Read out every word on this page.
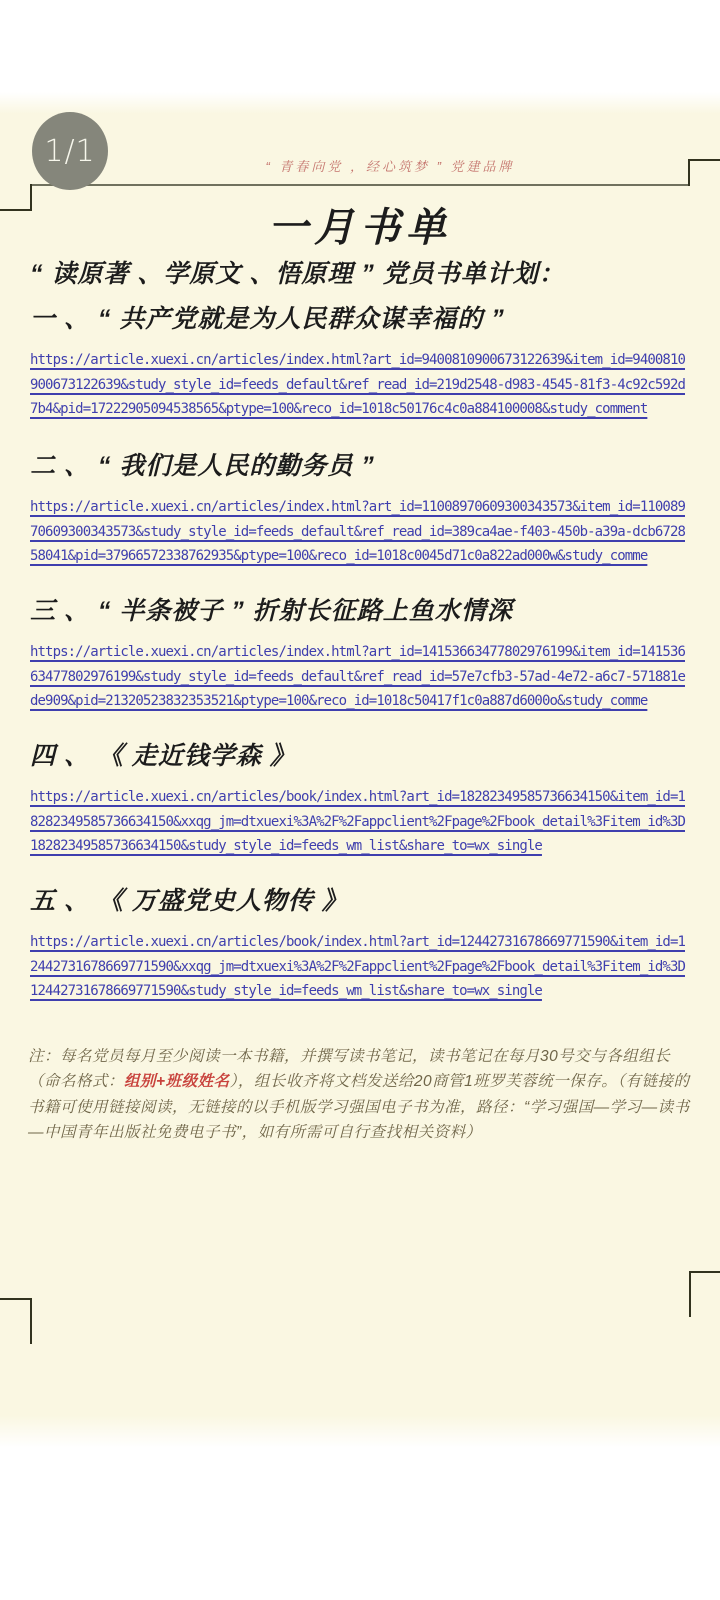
1/1	“ 青春向党 ，经心筑梦 ” 党建品牌
一月书单
“ 读原著 、学原文 、悟原理 ” 党员书单计划：
一 、 “ 共产党就是为人民群众谋幸福的 ”
https://article.xuexi.cn/articles/index.html?art_id=9400810900673122639&item_id=9400810900673122639&study_style_id=feeds_default&ref_read_id=219d2548-d983-4545-81f3-4c92c592d7b4&pid=17222905094538565&ptype=100&reco_id=1018c50176c4c0a884100008&study_comment
二 、 “ 我们是人民的勤务员 ”
https://article.xuexi.cn/articles/index.html?art_id=11008970609300343573&item_id=11008970609300343573&study_style_id=feeds_default&ref_read_id=389ca4ae-f403-450b-a39a-dcb672858041&pid=37966572338762935&ptype=100&reco_id=1018c0045d71c0a822ad000w&study_comme
三 、 “ 半条被子 ” 折射长征路上鱼水情深
https://article.xuexi.cn/articles/index.html?art_id=14153663477802976199&item_id=14153663477802976199&study_style_id=feeds_default&ref_read_id=57e7cfb3-57ad-4e72-a6c7-571881ede909&pid=21320523832353521&ptype=100&reco_id=1018c50417f1c0a887d6000o&study_comme
四 、 《 走近钱学森 》
https://article.xuexi.cn/articles/book/index.html?art_id=18282349585736634150&item_id=18282349585736634150&xxqg_jm=dtxuexi%3A%2F%2Fappclient%2Fpage%2Fbook_detail%3Fitem_id%3D18282349585736634150&study_style_id=feeds_wm_list&share_to=wx_single
五 、 《 万盛党史人物传 》
https://article.xuexi.cn/articles/book/index.html?art_id=12442731678669771590&item_id=12442731678669771590&xxqg_jm=dtxuexi%3A%2F%2Fappclient%2Fpage%2Fbook_detail%3Fitem_id%3D12442731678669771590&study_style_id=feeds_wm_list&share_to=wx_single

注：每名党员每月至少阅读一本书籍，并撰写读书笔记，读书笔记在每月30号交与各组组长（命名格式：组别+班级姓名），组长收齐将文档发送给20商管1班罗芙蓉统一保存。（有链接的书籍可使用链接阅读，无链接的以手机版学习强国电子书为准，路径：“学习强国—学习—读书—中国青年出版社免费电子书”，如有所需可自行查找相关资料）
